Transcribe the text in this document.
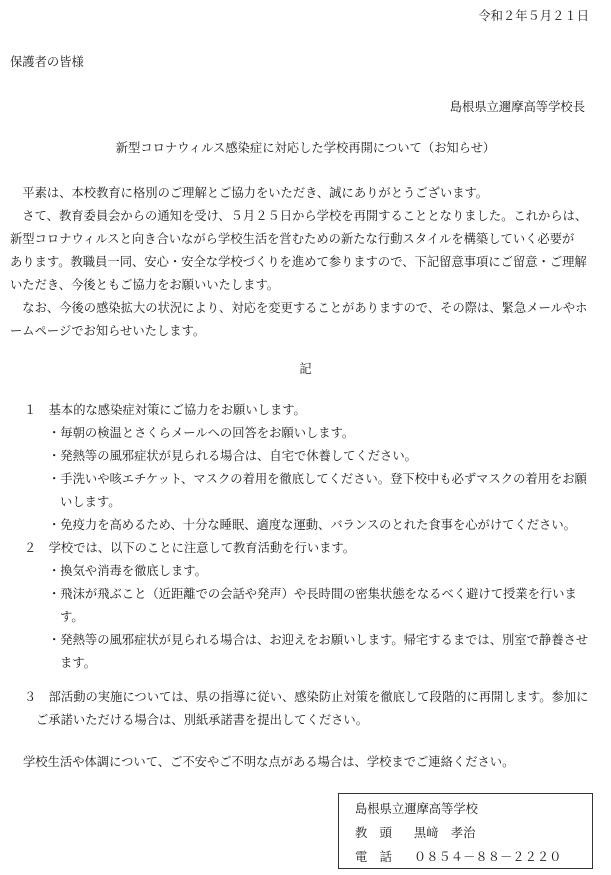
令和２年５月２１日
保護者の皆様
島根県立邇摩高等学校長
新型コロナウィルス感染症に対応した学校再開について（お知らせ）
　平素は、本校教育に格別のご理解とご協力をいただき、誠にありがとうございます。
　さて、教育委員会からの通知を受け、５月２５日から学校を再開することとなりました。これからは、
新型コロナウィルスと向き合いながら学校生活を営むための新たな行動スタイルを構築していく必要が
あります。教職員一同、安心・安全な学校づくりを進めて参りますので、下記留意事項にご留意・ご理解
いただき、今後ともご協力をお願いいたします。
　なお、今後の感染拡大の状況により、対応を変更することがありますので、その際は、緊急メールやホ
ームページでお知らせいたします。
記
１　基本的な感染症対策にご協力をお願いします。
・毎朝の検温とさくらメールへの回答をお願いします。
・発熱等の風邪症状が見られる場合は、自宅で休養してください。
・手洗いや咳エチケット、マスクの着用を徹底してください。登下校中も必ずマスクの着用をお願
いします。
・免疫力を高めるため、十分な睡眠、適度な運動、バランスのとれた食事を心がけてください。
２　学校では、以下のことに注意して教育活動を行います。
・換気や消毒を徹底します。
・飛沫が飛ぶこと（近距離での会話や発声）や長時間の密集状態をなるべく避けて授業を行いま
す。
・発熱等の風邪症状が見られる場合は、お迎えをお願いします。帰宅するまでは、別室で静養させ
ます。
３　部活動の実施については、県の指導に従い、感染防止対策を徹底して段階的に再開します。参加に
ご承諾いただける場合は、別紙承諾書を提出してください。
学校生活や体調について、ご不安やご不明な点がある場合は、学校までご連絡ください。
島根県立邇摩高等学校
教　頭 黒﨑　孝治
電　話 ０８５４－８８－２２２０
